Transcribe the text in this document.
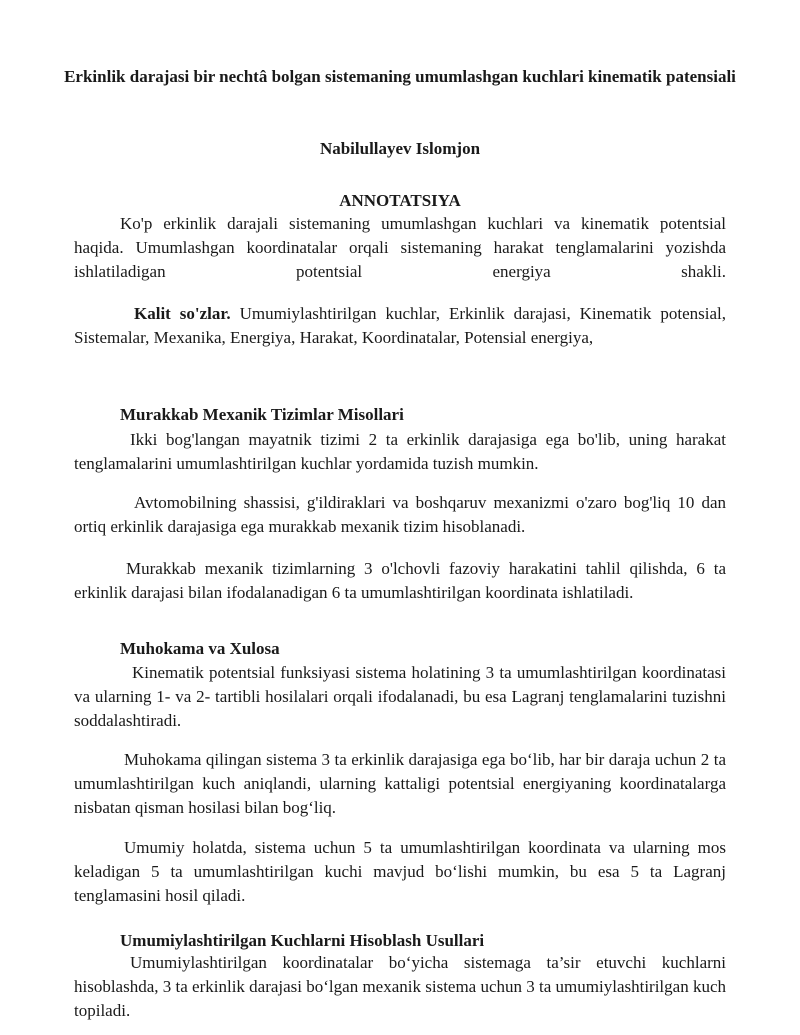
Erkinlik darajasi bir nechtâ bolgan sistemaning umumlashgan kuchlari kinematik patensiali

Nabilullayev Islomjon

ANNOTATSIYA

Ko'p erkinlik darajali sistemaning umumlashgan kuchlari va kinematik potentsial haqida. Umumlashgan koordinatalar orqali sistemaning harakat tenglamalarini yozishda ishlatiladigan potentsial energiya shakli.

Kalit so'zlar. Umumiylashtirilgan kuchlar, Erkinlik darajasi, Kinematik potensial, Sistemalar, Mexanika, Energiya, Harakat, Koordinatalar, Potensial energiya,

Murakkab Mexanik Tizimlar Misollari

Ikki bog'langan mayatnik tizimi 2 ta erkinlik darajasiga ega bo'lib, uning harakat tenglamalarini umumlashtirilgan kuchlar yordamida tuzish mumkin.

Avtomobilning shassisi, g'ildiraklari va boshqaruv mexanizmi o'zaro bog'liq 10 dan ortiq erkinlik darajasiga ega murakkab mexanik tizim hisoblanadi.

Murakkab mexanik tizimlarning 3 o'lchovli fazoviy harakatini tahlil qilishda, 6 ta erkinlik darajasi bilan ifodalanadigan 6 ta umumlashtirilgan koordinata ishlatiladi.

Muhokama va Xulosa

Kinematik potentsial funksiyasi sistema holatining 3 ta umumlashtirilgan koordinatasi va ularning 1- va 2- tartibli hosilalari orqali ifodalanadi, bu esa Lagranj tenglamalarini tuzishni soddalashtiradi.

Muhokama qilingan sistema 3 ta erkinlik darajasiga ega bo‘lib, har bir daraja uchun 2 ta umumlashtirilgan kuch aniqlandi, ularning kattaligi potentsial energiyaning koordinatalarga nisbatan qisman hosilasi bilan bog‘liq.

Umumiy holatda, sistema uchun 5 ta umumlashtirilgan koordinata va ularning mos keladigan 5 ta umumlashtirilgan kuchi mavjud bo‘lishi mumkin, bu esa 5 ta Lagranj tenglamasini hosil qiladi.

Umumiylashtirilgan Kuchlarni Hisoblash Usullari

Umumiylashtirilgan koordinatalar bo‘yicha sistemaga ta’sir etuvchi kuchlarni hisoblashda, 3 ta erkinlik darajasi bo‘lgan mexanik sistema uchun 3 ta umumiylashtirilgan kuch topiladi.
